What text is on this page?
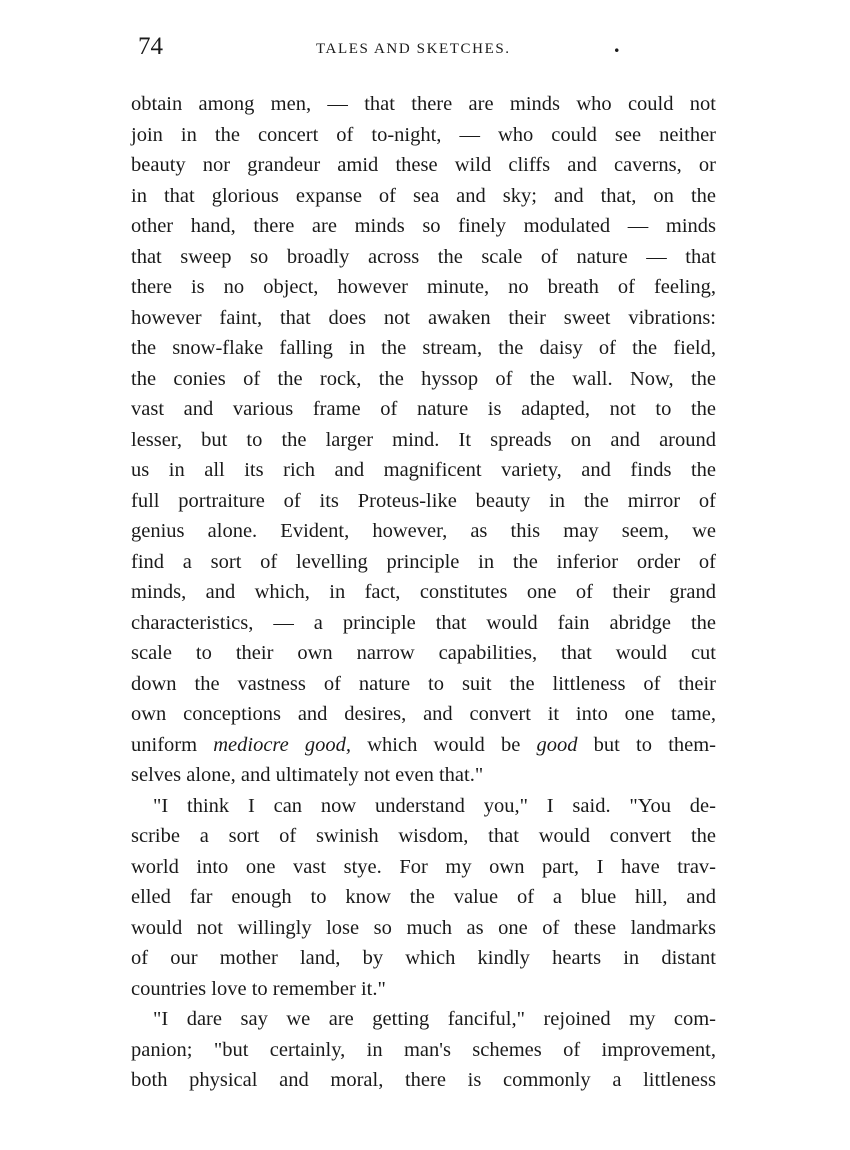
74	TALES AND SKETCHES.	.
obtain among men, — that there are minds who could not
join in the concert of to-night, — who could see neither
beauty nor grandeur amid these wild cliffs and caverns, or
in that glorious expanse of sea and sky; and that, on the
other hand, there are minds so finely modulated — minds
that sweep so broadly across the scale of nature — that
there is no object, however minute, no breath of feeling,
however faint, that does not awaken their sweet vibrations:
the snow-flake falling in the stream, the daisy of the field,
the conies of the rock, the hyssop of the wall. Now, the
vast and various frame of nature is adapted, not to the
lesser, but to the larger mind. It spreads on and around
us in all its rich and magnificent variety, and finds the
full portraiture of its Proteus-like beauty in the mirror of
genius alone. Evident, however, as this may seem, we
find a sort of levelling principle in the inferior order of
minds, and which, in fact, constitutes one of their grand
characteristics, — a principle that would fain abridge the
scale to their own narrow capabilities, that would cut
down the vastness of nature to suit the littleness of their
own conceptions and desires, and convert it into one tame,
uniform mediocre good, which would be good but to them-
selves alone, and ultimately not even that."
"I think I can now understand you," I said. "You de-
scribe a sort of swinish wisdom, that would convert the
world into one vast stye. For my own part, I have trav-
elled far enough to know the value of a blue hill, and
would not willingly lose so much as one of these landmarks
of our mother land, by which kindly hearts in distant
countries love to remember it."
"I dare say we are getting fanciful," rejoined my com-
panion; "but certainly, in man's schemes of improvement,
both physical and moral, there is commonly a littleness
